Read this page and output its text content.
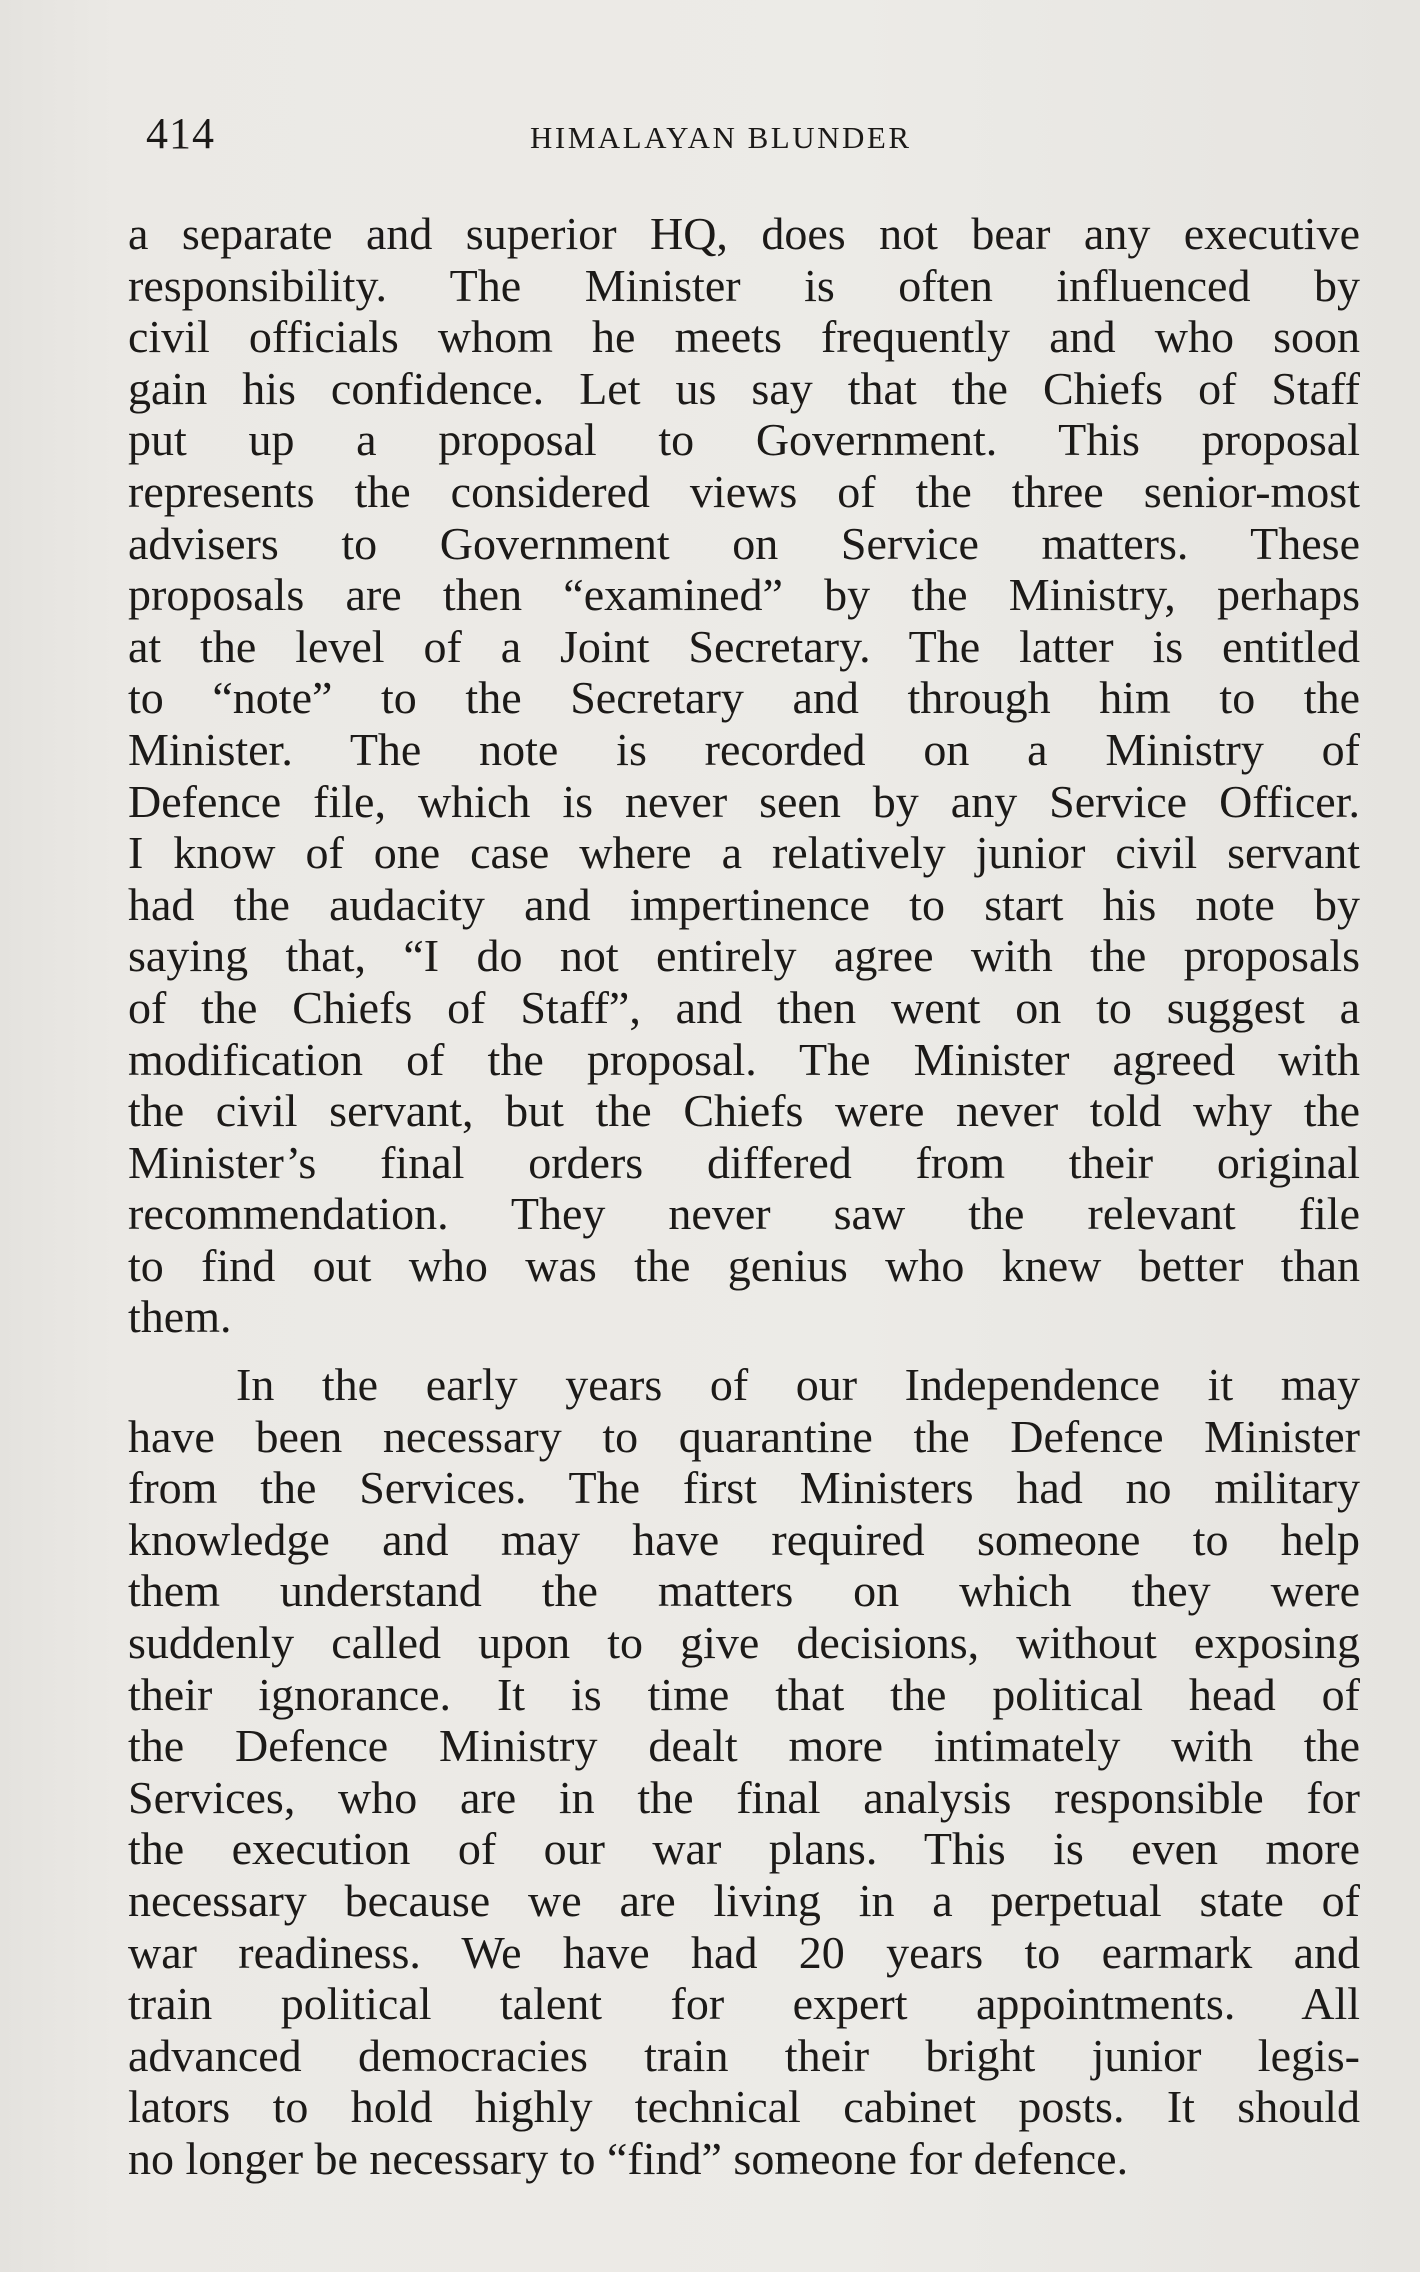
414	HIMALAYAN BLUNDER
a separate and superior HQ, does not bear any executive
responsibility. The Minister is often influenced by
civil officials whom he meets frequently and who soon
gain his confidence. Let us say that the Chiefs of Staff
put up a proposal to Government. This proposal
represents the considered views of the three senior-most
advisers to Government on Service matters. These
proposals are then “examined” by the Ministry, perhaps
at the level of a Joint Secretary. The latter is entitled
to “note” to the Secretary and through him to the
Minister. The note is recorded on a Ministry of
Defence file, which is never seen by any Service Officer.
I know of one case where a relatively junior civil servant
had the audacity and impertinence to start his note by
saying that, “I do not entirely agree with the proposals
of the Chiefs of Staff”, and then went on to suggest a
modification of the proposal. The Minister agreed with
the civil servant, but the Chiefs were never told why the
Minister’s final orders differed from their original
recommendation. They never saw the relevant file
to find out who was the genius who knew better than
them.
In the early years of our Independence it may
have been necessary to quarantine the Defence Minister
from the Services. The first Ministers had no military
knowledge and may have required someone to help
them understand the matters on which they were
suddenly called upon to give decisions, without exposing
their ignorance. It is time that the political head of
the Defence Ministry dealt more intimately with the
Services, who are in the final analysis responsible for
the execution of our war plans. This is even more
necessary because we are living in a perpetual state of
war readiness. We have had 20 years to earmark and
train political talent for expert appointments. All
advanced democracies train their bright junior legis-
lators to hold highly technical cabinet posts. It should
no longer be necessary to “find” someone for defence.
